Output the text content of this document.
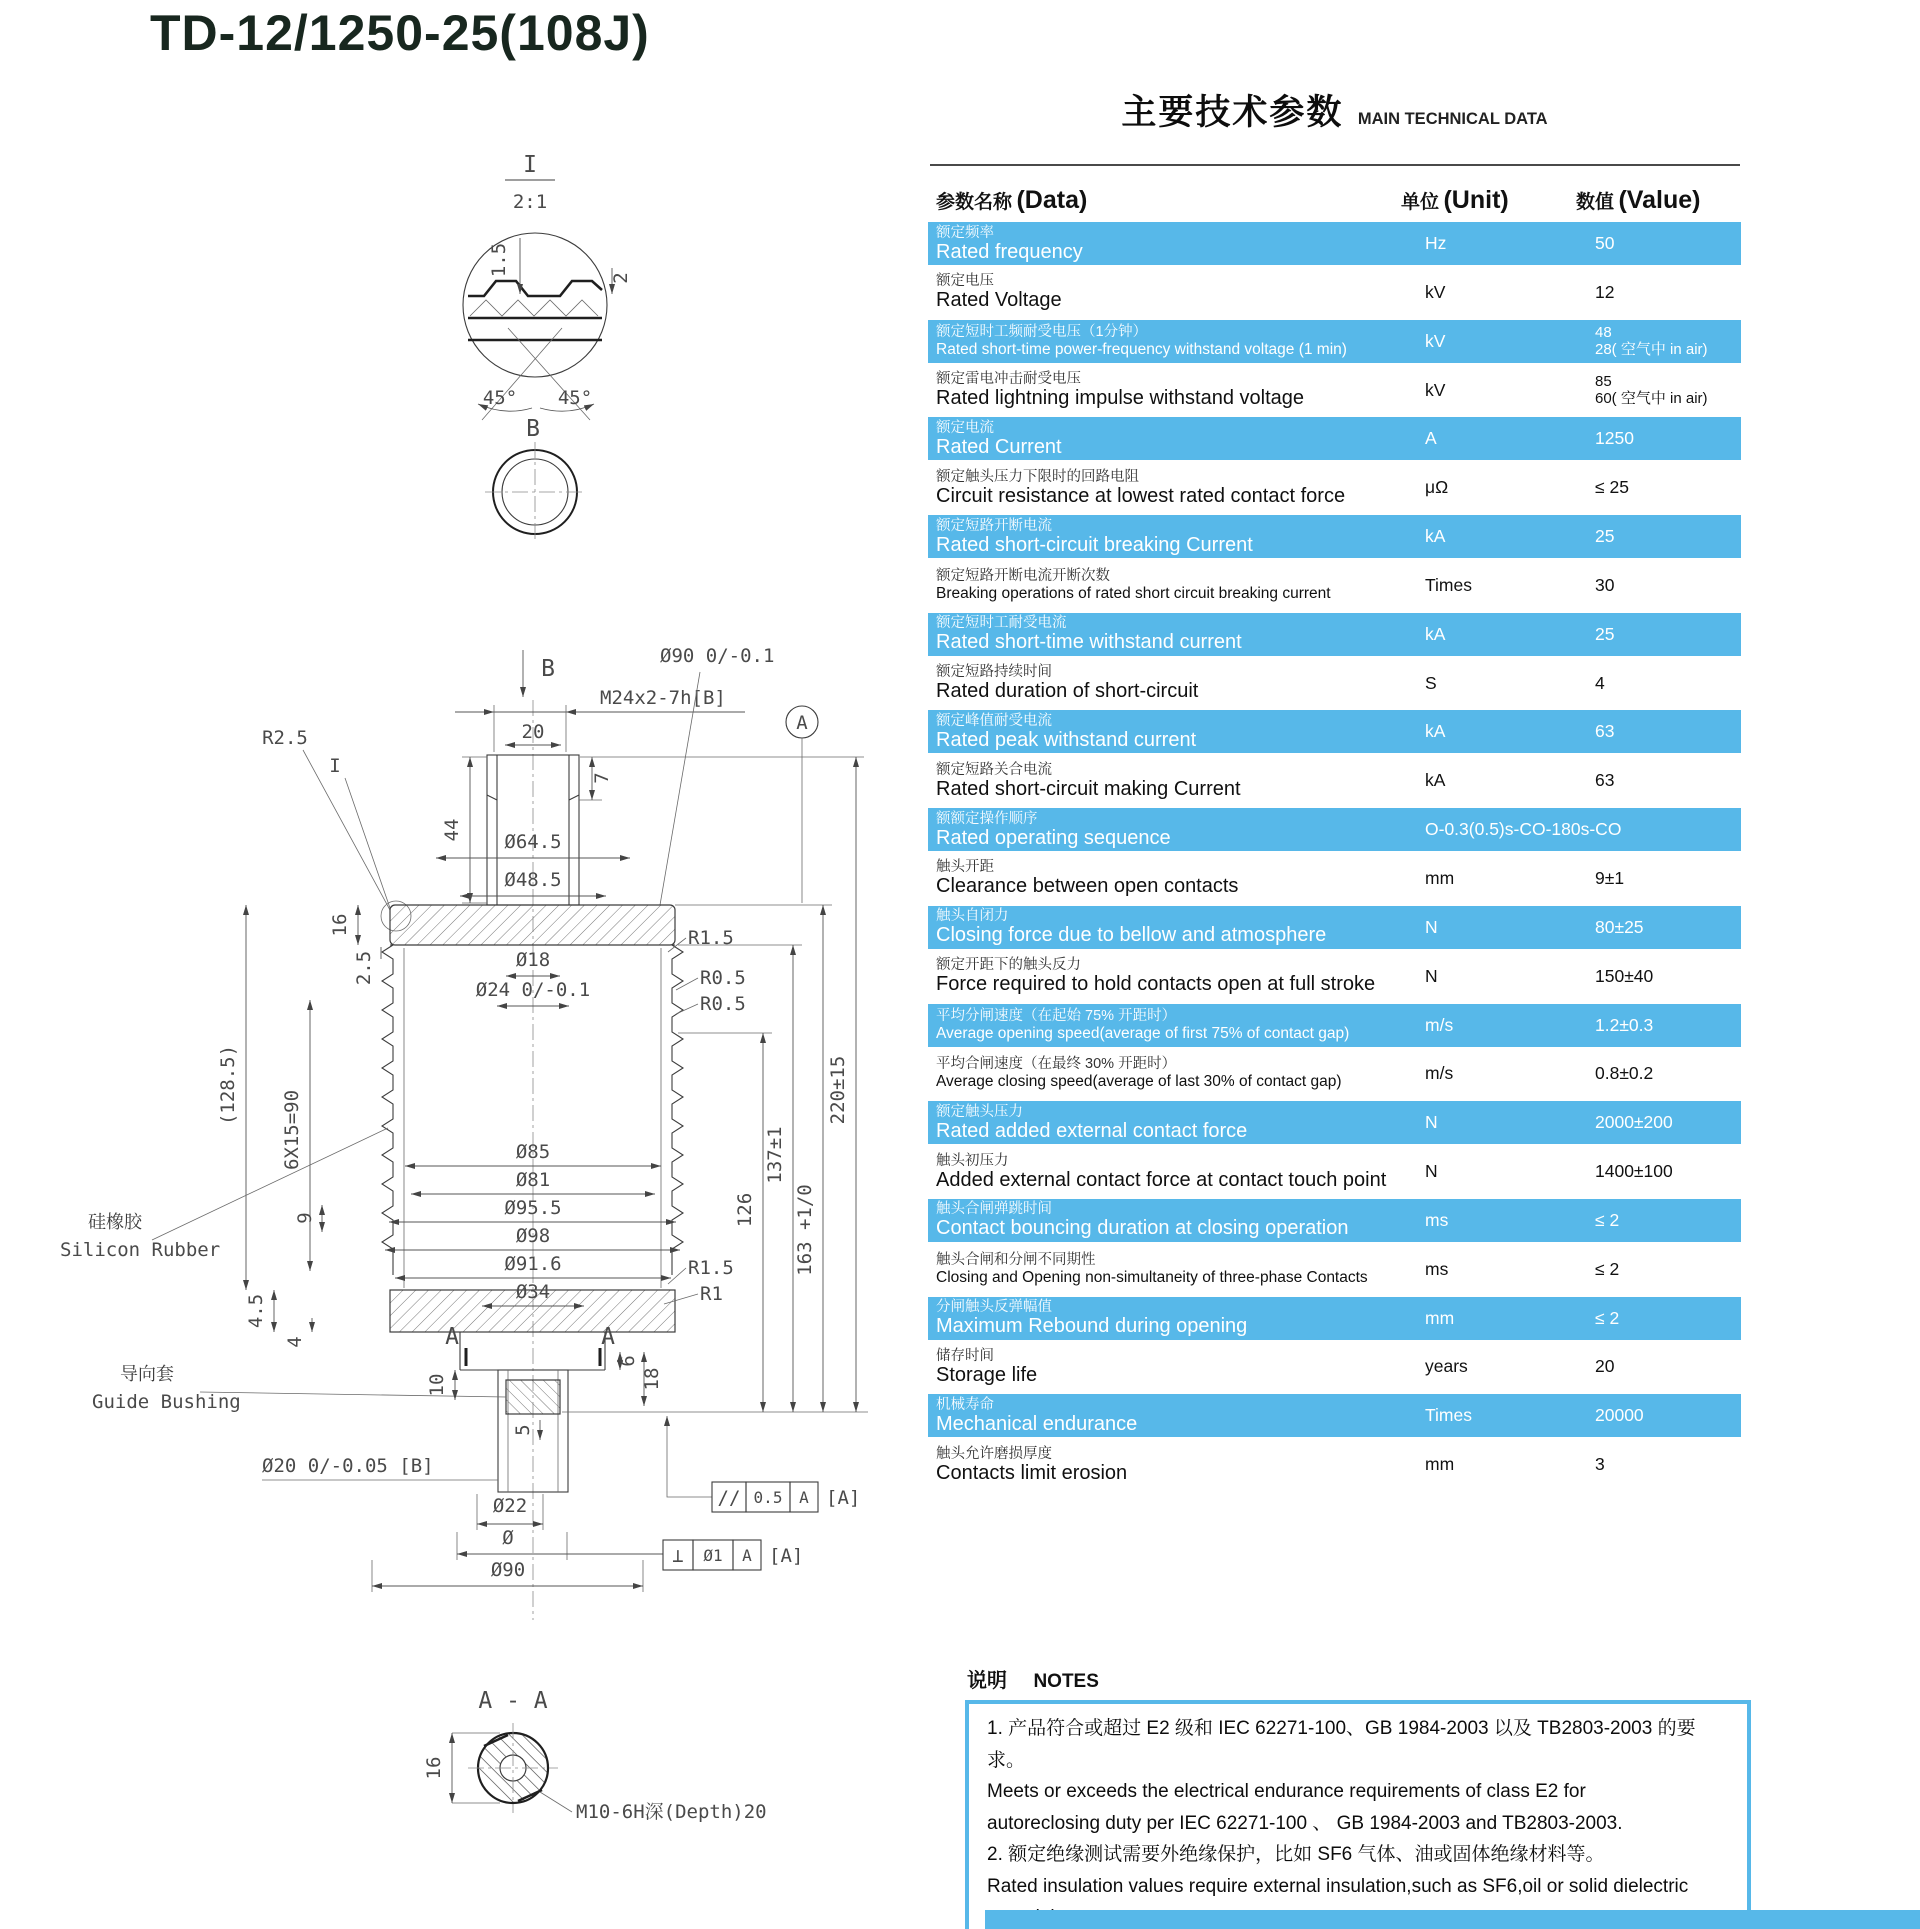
TD-12/1250-25(108J)
I
2:1
1.5
2
45° 45°
B
B
M24x2-7h[B]
20
44
7
Ø90 0/-0.1
A
Ø64.5
Ø48.5
R2.5
I
16
2.5	Ø18
Ø24 0/-0.1
R1.5
R0.5
R0.5
(128.5)
6X15=90
9
4.5
4
126
137±1
163 +1/0
220±15
Ø85
Ø81
Ø95.5
Ø98
Ø91.6
Ø34
R1.5
R1
硅橡胶
Silicon Rubber
导向套
Guide Bushing
A	A
10
5
6
18
Ø20 0/-0.05 [B]
Ø22
Ø
Ø90
// 0.5 A [A]
⊥ Ø1 A [A]
A - A
16
M10-6H深(Depth)20
主要技术参数 MAIN TECHNICAL DATA
参数名称 (Data)	单位 (Unit)	数值 (Value)
额定频率
Rated frequency	Hz	50
额定电压
Rated Voltage	kV	12
额定短时工频耐受电压（1分钟）
Rated short-time power-frequency withstand voltage (1 min)	kV	48
28( 空气中 in air)
额定雷电冲击耐受电压
Rated lightning impulse withstand voltage	kV	85
60( 空气中 in air)
额定电流
Rated Current	A	1250
额定触头压力下限时的回路电阻
Circuit resistance at lowest rated contact force	μΩ	≤ 25
额定短路开断电流
Rated short-circuit breaking Current	kA	25
额定短路开断电流开断次数
Breaking operations of rated short circuit breaking current	Times	30
额定短时工耐受电流
Rated short-time withstand current	kA	25
额定短路持续时间
Rated duration of short-circuit	S	4
额定峰值耐受电流
Rated peak withstand current	kA	63
额定短路关合电流
Rated short-circuit making Current	kA	63
额额定操作顺序
Rated operating sequence	O-0.3(0.5)s-CO-180s-CO
触头开距
Clearance between open contacts	mm	9±1
触头自闭力
Closing force due to bellow and atmosphere	N	80±25
额定开距下的触头反力
Force required to hold contacts open at full stroke	N	150±40
平均分闸速度（在起始 75% 开距时）
Average opening speed(average of first 75% of contact gap)	m/s	1.2±0.3
平均合闸速度（在最终 30% 开距时）
Average closing speed(average of last 30% of contact gap)	m/s	0.8±0.2
额定触头压力
Rated added external contact force	N	2000±200
触头初压力
Added external contact force at contact touch point	N	1400±100
触头合闸弹跳时间
Contact bouncing duration at closing operation	ms	≤ 2
触头合闸和分闸不同期性
Closing and Opening non-simultaneity of three-phase Contacts	ms	≤ 2
分闸触头反弹幅值
Maximum Rebound during opening	mm	≤ 2
储存时间
Storage life	years	20
机械寿命
Mechanical endurance	Times	20000
触头允许磨损厚度
Contacts limit erosion	mm	3
说明 NOTES
1. 产品符合或超过 E2 级和 IEC 62271-100、GB 1984-2003 以及 TB2803-2003 的要求。
Meets or exceeds the electrical endurance requirements of class E2 for
autoreclosing duty per IEC 62271-100 、 GB 1984-2003 and TB2803-2003.
2. 额定绝缘测试需要外绝缘保护，比如 SF6 气体、油或固体绝缘材料等。
Rated insulation values require external insulation,such as SF6,oil or solid dielectric
